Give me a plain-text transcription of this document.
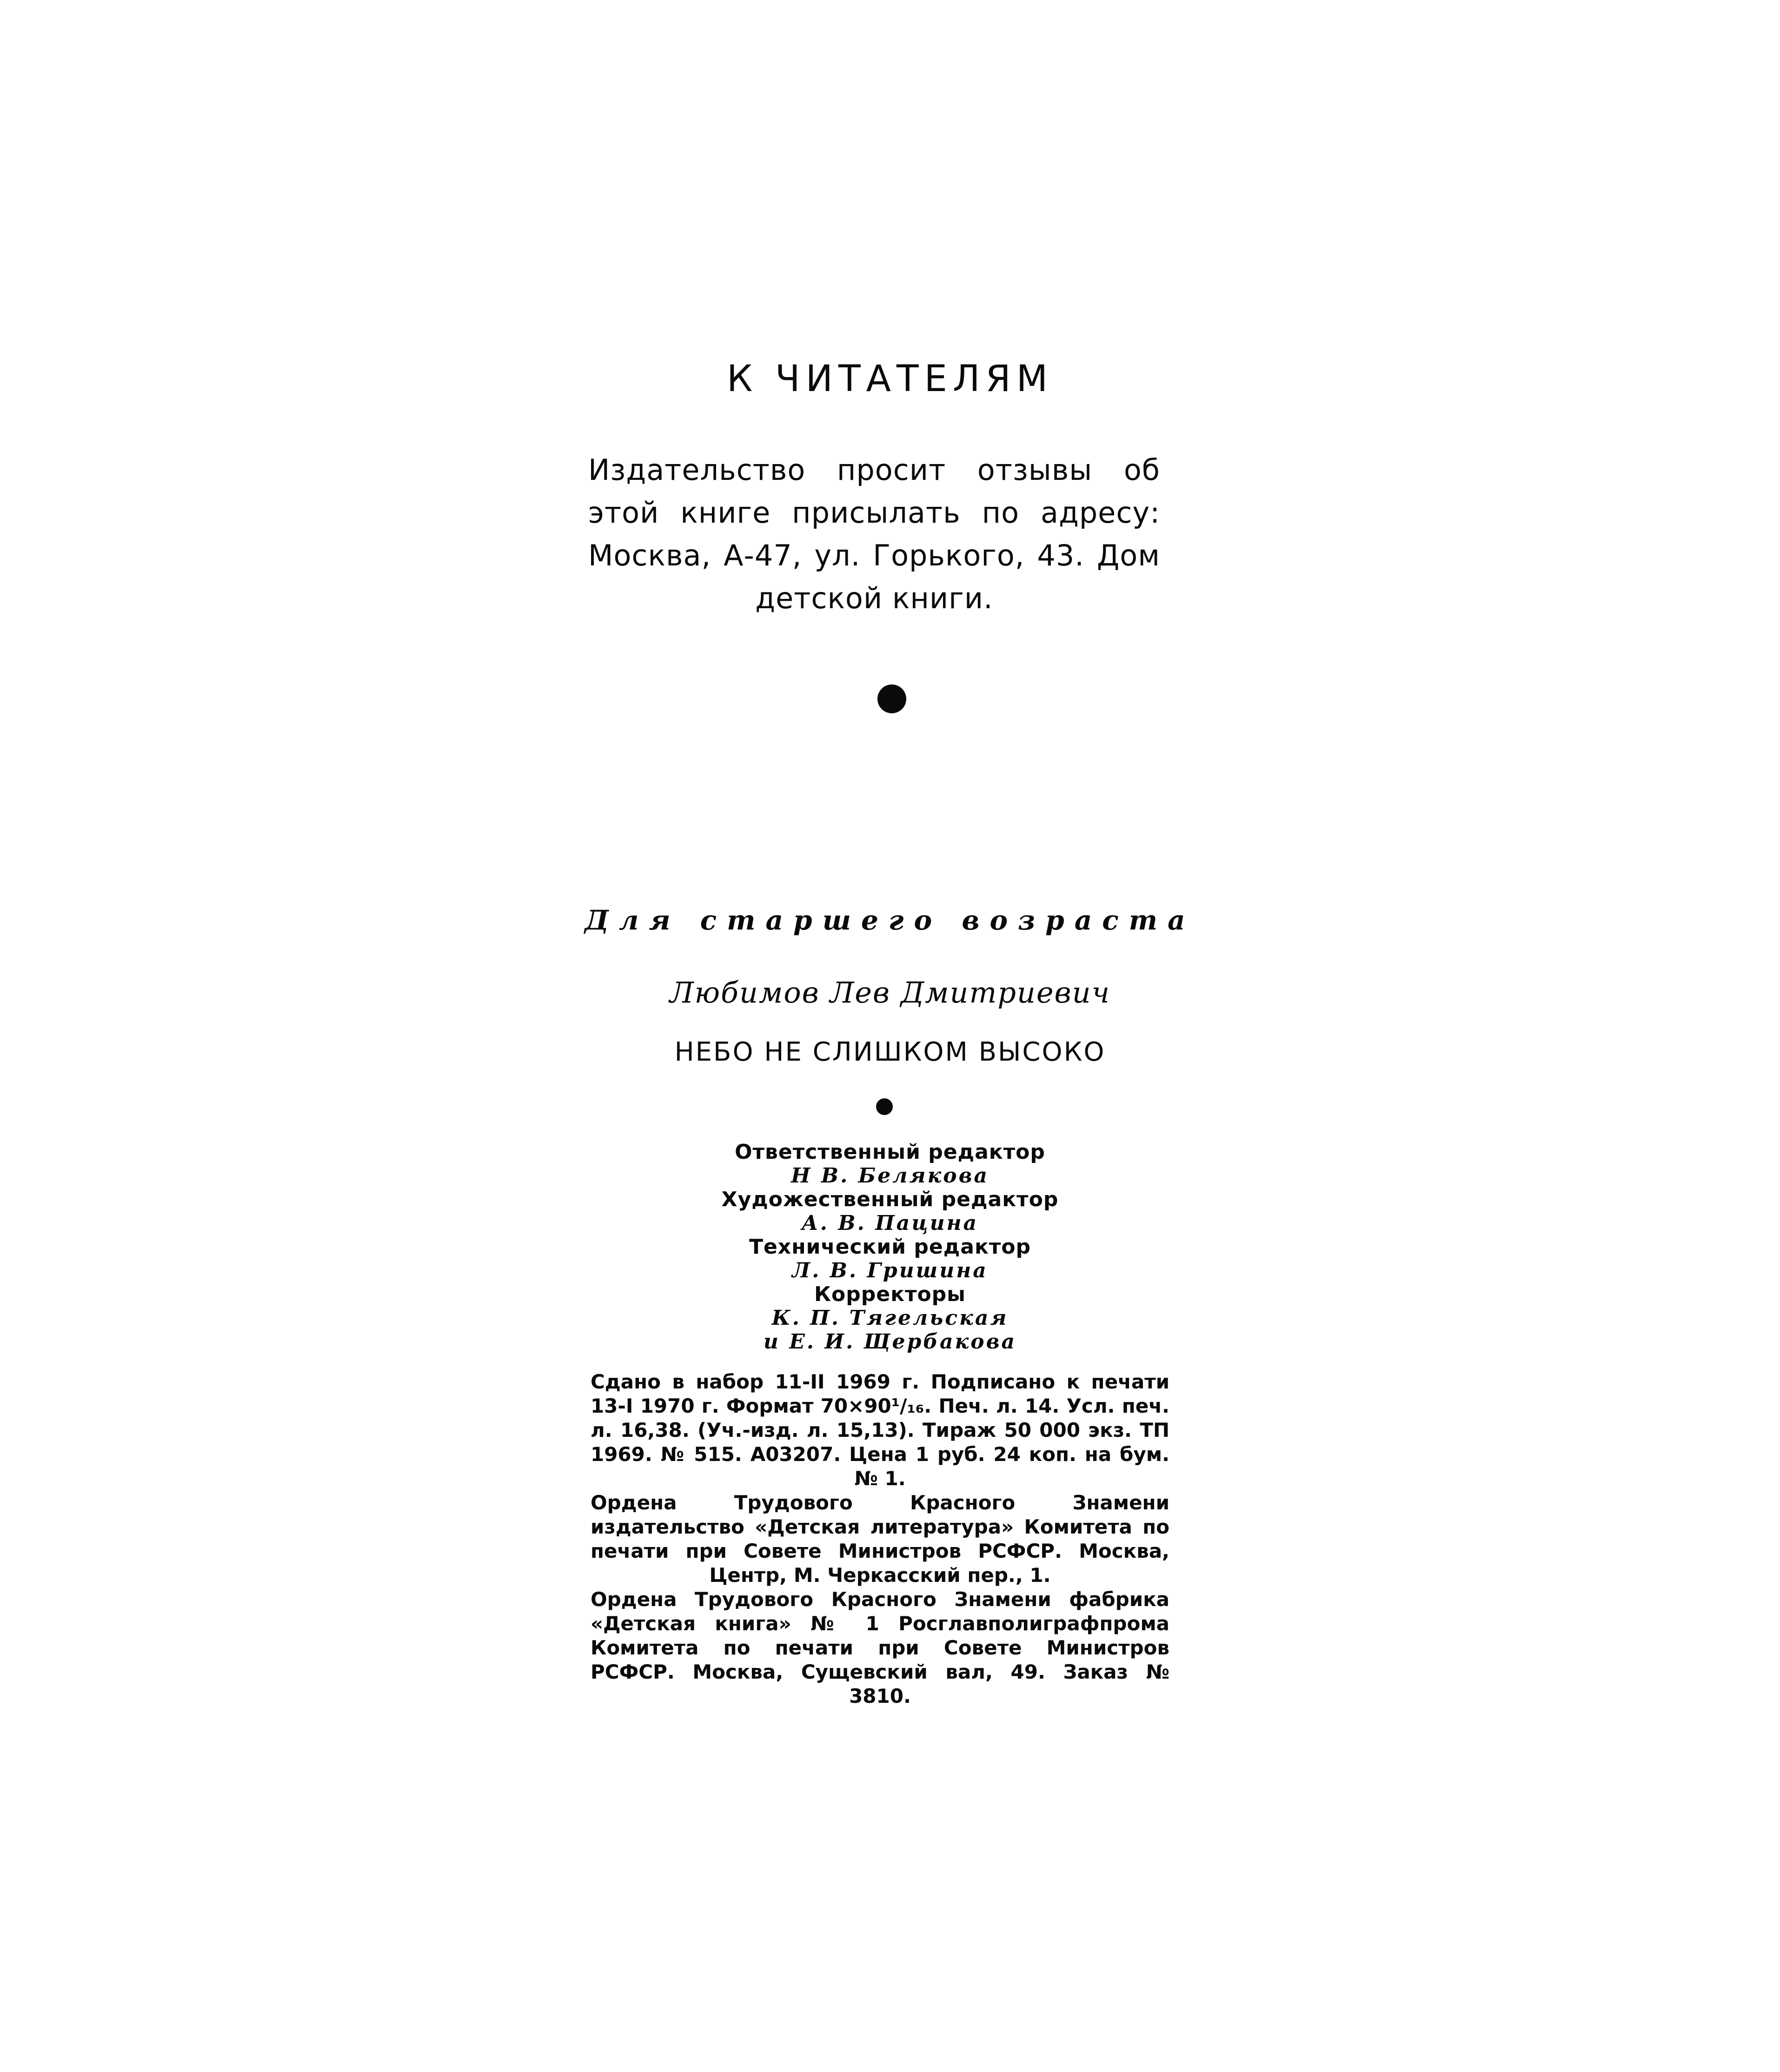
К ЧИТАТЕЛЯМ
Издательство просит отзывы об этой книге присылать по адресу: Москва, А-47, ул. Горького, 43. Дом детской книги.
Для старшего возраста
Любимов Лев Дмитриевич
НЕБО НЕ СЛИШКОМ ВЫСОКО
Ответственный редактор
Н В. Белякова
Художественный редактор
А. В. Пацина
Технический редактор
Л. В. Гришина
Корректоры
К. П. Тягельская
и Е. И. Щербакова

Сдано в набор 11-II 1969 г. Подписано к печати 13-I 1970 г. Формат 70×90¹/₁₆. Печ. л. 14. Усл. печ. л. 16,38. (Уч.-изд. л. 15,13). Тираж 50 000 экз. ТП 1969. № 515. А03207. Цена 1 руб. 24 коп. на бум. № 1.

Ордена Трудового Красного Знамени издательство «Детская литература» Комитета по печати при Совете Министров РСФСР. Москва, Центр, М. Черкасский пер., 1.

Ордена Трудового Красного Знамени фабрика «Детская книга» № 1 Росглавполиграфпрома Комитета по печати при Совете Министров РСФСР. Москва, Сущевский вал, 49. Заказ № 3810.
